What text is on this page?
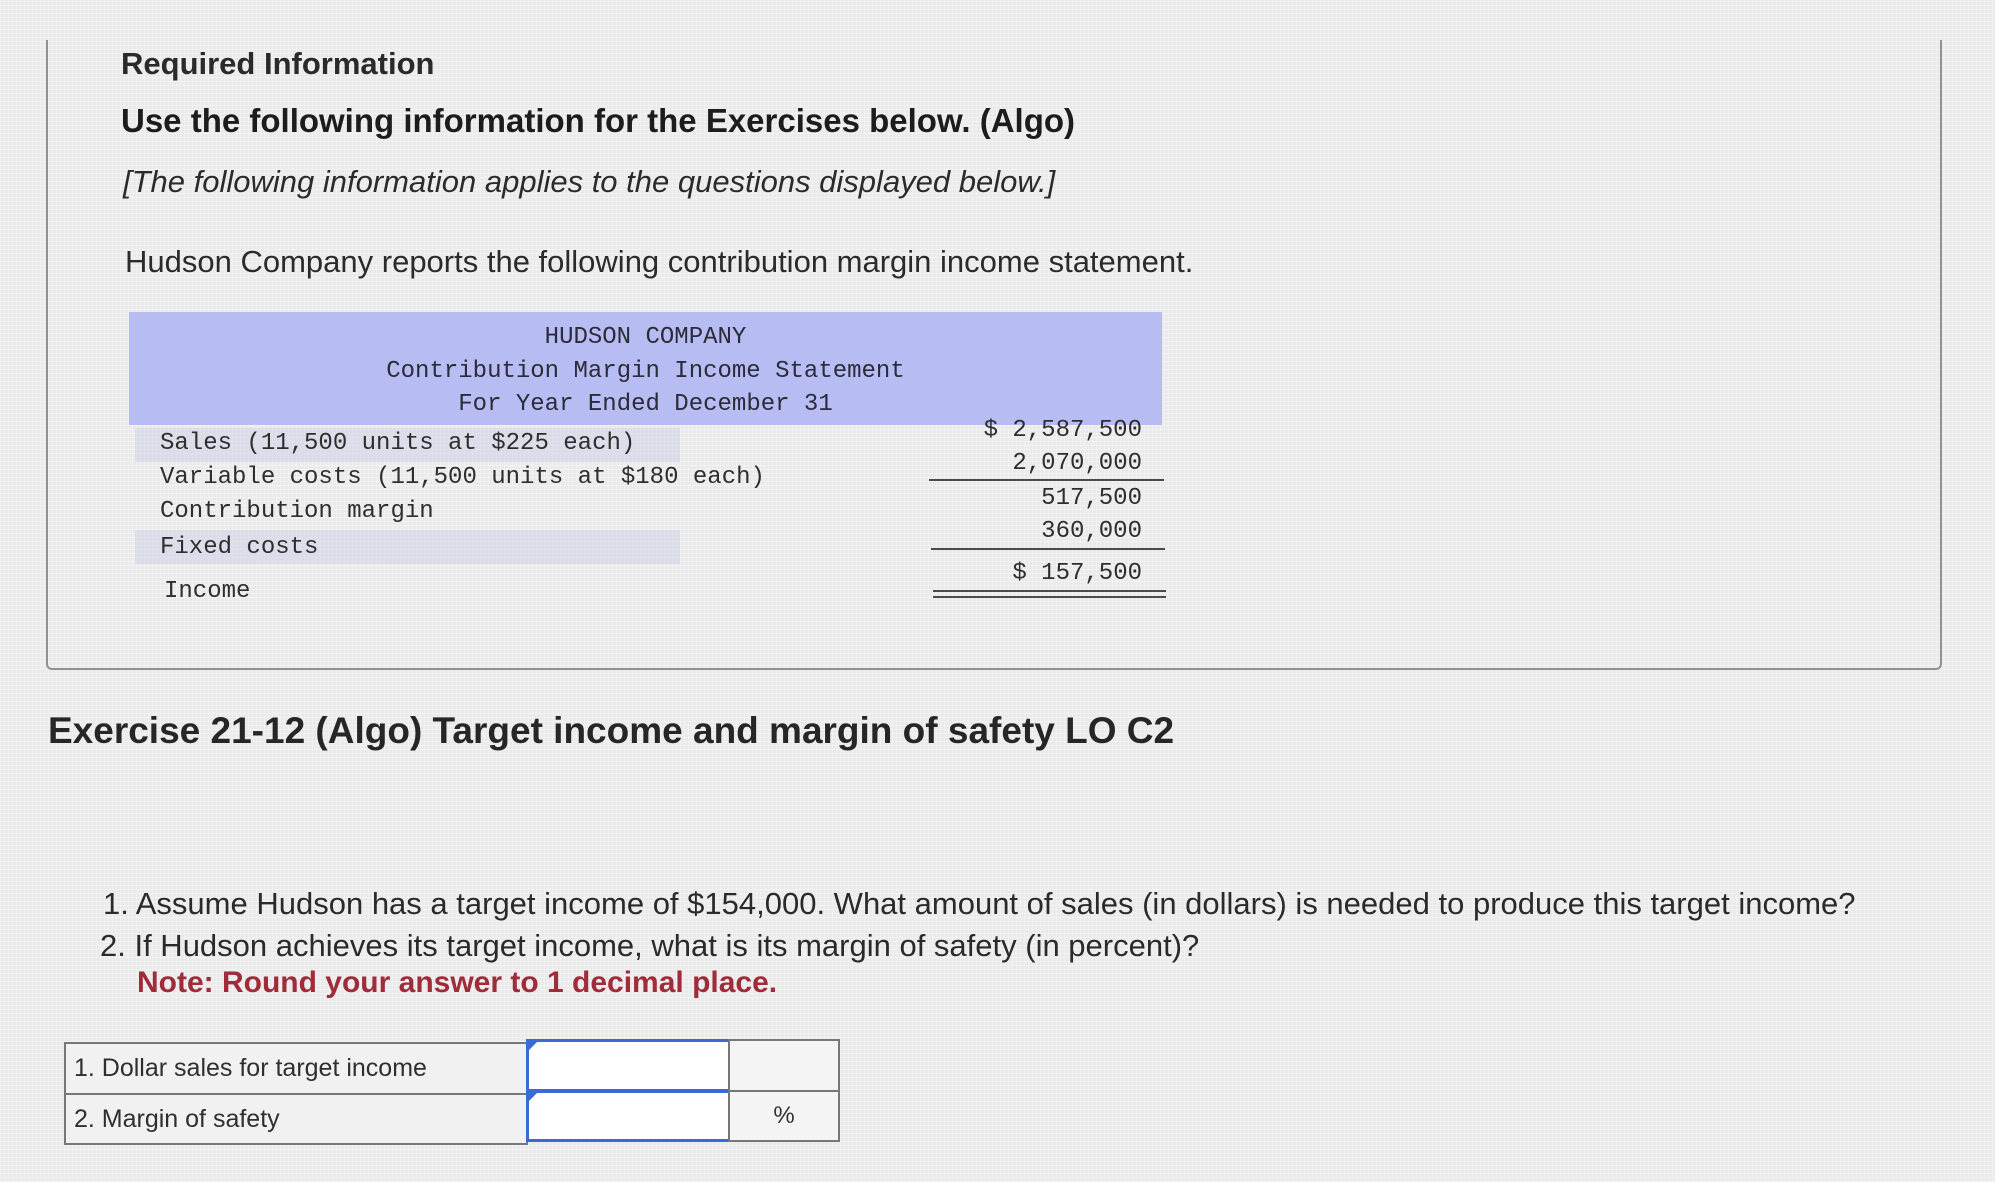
Required Information
Use the following information for the Exercises below. (Algo)
[The following information applies to the questions displayed below.]
Hudson Company reports the following contribution margin income statement.
HUDSON COMPANY
Contribution Margin Income Statement
For Year Ended December 31
Sales (11,500 units at $225 each)
Variable costs (11,500 units at $180 each)
Contribution margin
Fixed costs
Income
$ 2,587,500
2,070,000
517,500
360,000
$ 157,500
Exercise 21-12 (Algo) Target income and margin of safety LO C2
1. Assume Hudson has a target income of $154,000. What amount of sales (in dollars) is needed to produce this target income?
2. If Hudson achieves its target income, what is its margin of safety (in percent)?
Note: Round your answer to 1 decimal place.
1. Dollar sales for target income
2. Margin of safety	%
